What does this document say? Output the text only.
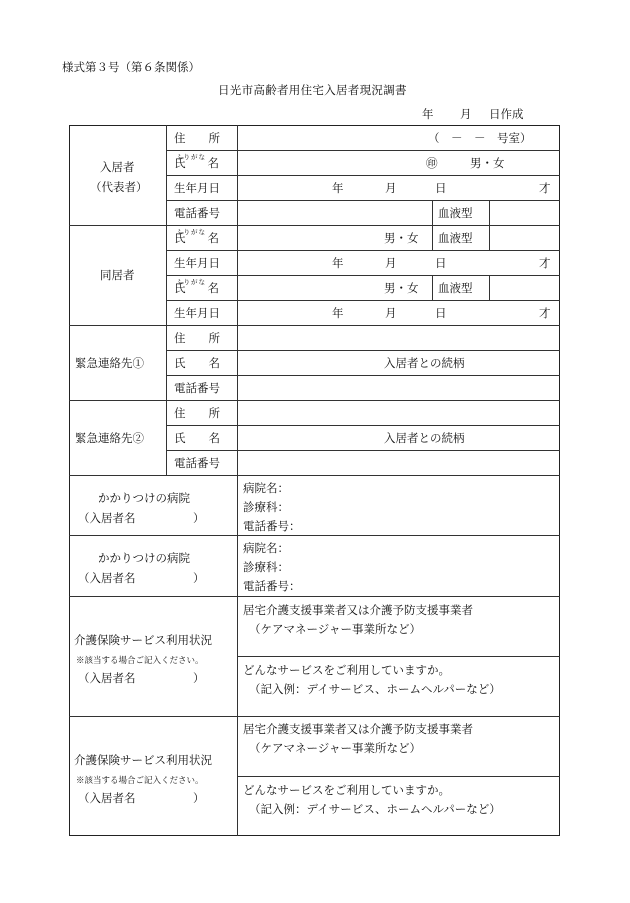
様式第３号（第６条関係）
日光市高齢者用住宅入居者現況調書
年 月 日作成
入居者
（代表者）
住　　所	（　－　－　号室）
ふりがな
氏 名	㊞	男・女
生年月日	年	月	日	才
電話番号	血液型
同居者
ふりがな
氏 名	男・女 血液型
生年月日	年	月	日	才
ふりがな
氏 名	男・女 血液型
生年月日	年	月	日	才
緊急連絡先①
住　　所
氏　　名	入居者との続柄
電話番号
緊急連絡先②
住　　所
氏　　名	入居者との続柄
電話番号
かかりつけの病院
（入居者名　　　　　）
病院名：
診療科：
電話番号：
かかりつけの病院
（入居者名　　　　　）
病院名：
診療科：
電話番号：
介護保険サービス利用状況
※該当する場合ご記入ください。
（入居者名　　　　　）
居宅介護支援事業者又は介護予防支援事業者
（ケアマネージャー事業所など）
どんなサービスをご利用していますか。
（記入例：デイサービス、ホームヘルパーなど）
介護保険サービス利用状況
※該当する場合ご記入ください。
（入居者名　　　　　）
居宅介護支援事業者又は介護予防支援事業者
（ケアマネージャー事業所など）
どんなサービスをご利用していますか。
（記入例：デイサービス、ホームヘルパーなど）
